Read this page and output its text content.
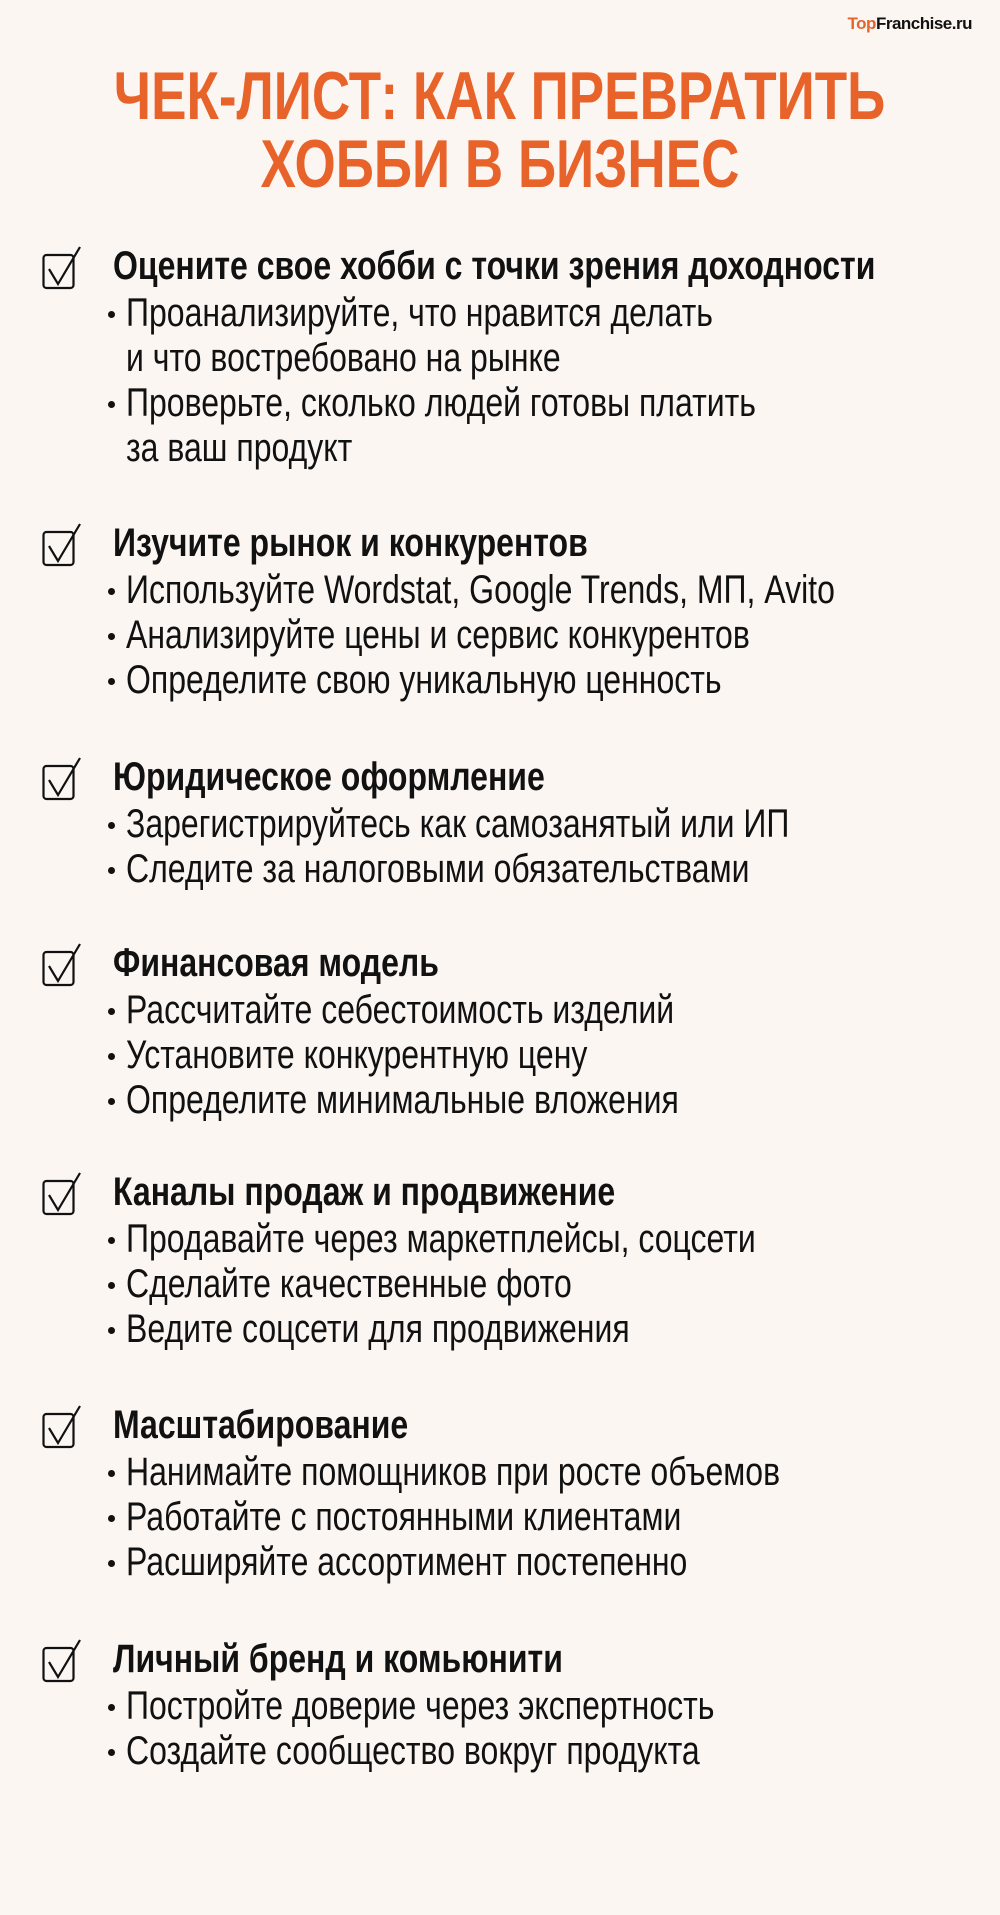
TopFranchise.ru
ЧЕК-ЛИСТ: КАК ПРЕВРАТИТЬ
ХОББИ В БИЗНЕС
Оцените свое хобби с точки зрения доходности
Проанализируйте, что нравится делать
и что востребовано на рынке
Проверьте, сколько людей готовы платить
за ваш продукт
Изучите рынок и конкурентов
Используйте Wordstat, Google Trends, МП, Avito
Анализируйте цены и сервис конкурентов
Определите свою уникальную ценность
Юридическое оформление
Зарегистрируйтесь как самозанятый или ИП
Следите за налоговыми обязательствами
Финансовая модель
Рассчитайте себестоимость изделий
Установите конкурентную цену
Определите минимальные вложения
Каналы продаж и продвижение
Продавайте через маркетплейсы, соцсети
Сделайте качественные фото
Ведите соцсети для продвижения
Масштабирование
Нанимайте помощников при росте объемов
Работайте с постоянными клиентами
Расширяйте ассортимент постепенно
Личный бренд и комьюнити
Постройте доверие через экспертность
Создайте сообщество вокруг продукта
